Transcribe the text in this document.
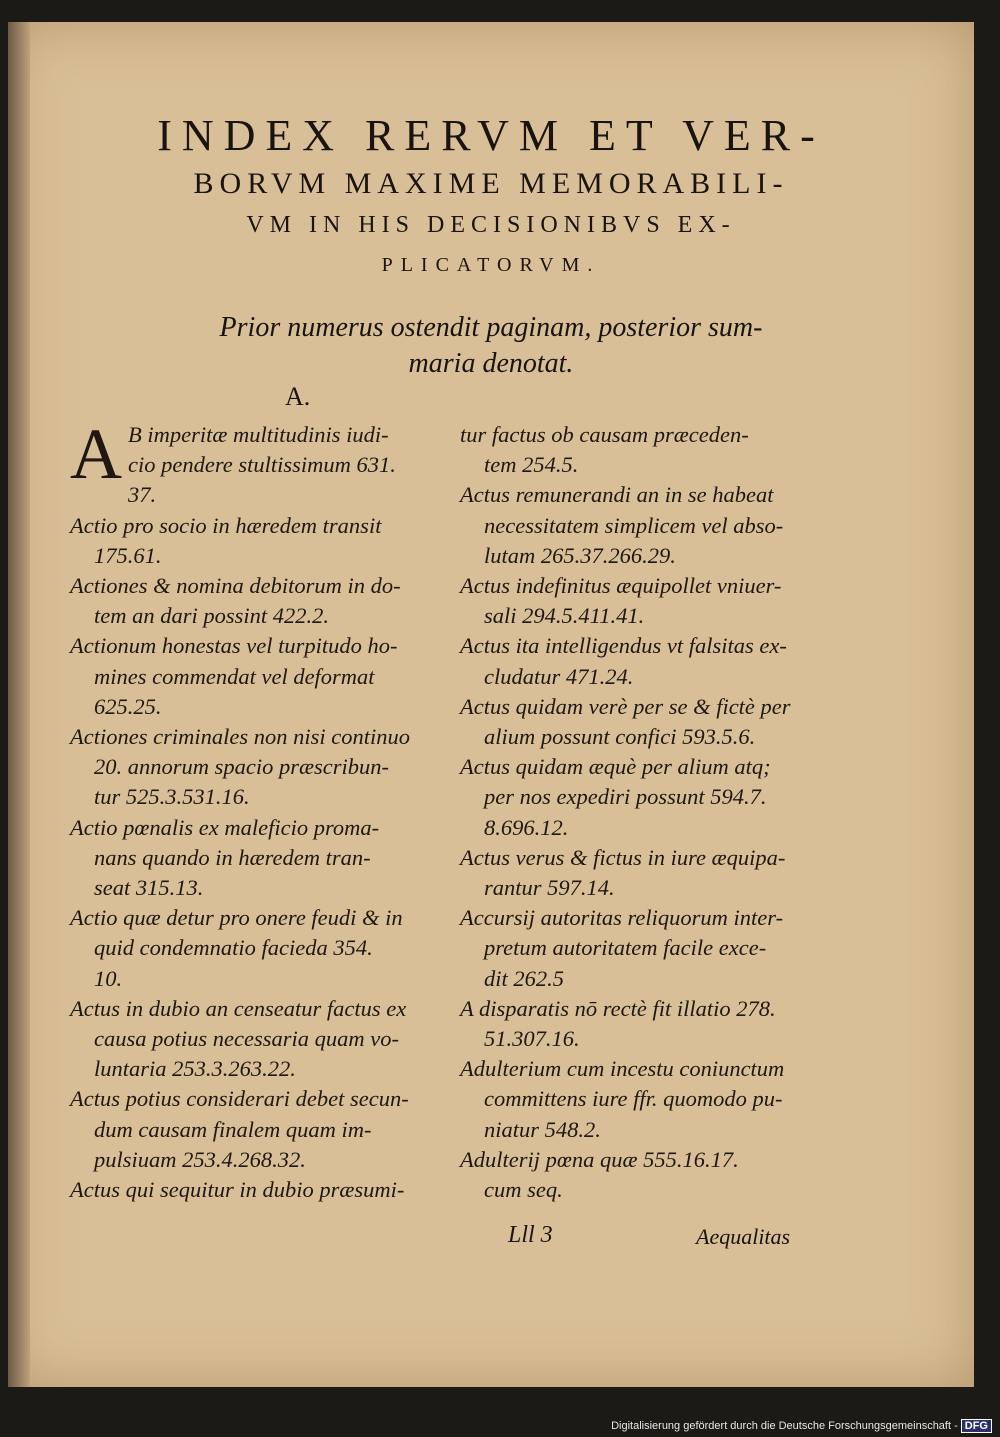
INDEX RERVM ET VER-
BORVM MAXIME MEMORABILI-
VM IN HIS DECISIONIBVS EX-
PLICATORVM.
Prior numerus ostendit paginam, posterior sum-
maria denotat.
A.
A B imperitæ multitudinis iudi-
cio pendere stultissimum 631.
37.
Actio pro socio in hæredem transit
175.61.
Actiones & nomina debitorum in do-
tem an dari possint 422.2.
Actionum honestas vel turpitudo ho-
mines commendat vel deformat
625.25.
Actiones criminales non nisi continuo
20. annorum spacio præscribun-
tur 525.3.531.16.
Actio pœnalis ex maleficio proma-
nans quando in hæredem tran-
seat 315.13.
Actio quæ detur pro onere feudi & in
quid condemnatio facieda 354.
10.
Actus in dubio an censeatur factus ex
causa potius necessaria quam vo-
luntaria 253.3.263.22.
Actus potius considerari debet secun-
dum causam finalem quam im-
pulsiuam 253.4.268.32.
Actus qui sequitur in dubio præsumi-
tur factus ob causam præceden-
tem 254.5.
Actus remunerandi an in se habeat
necessitatem simplicem vel abso-
lutam 265.37.266.29.
Actus indefinitus æquipollet vniuer-
sali 294.5.411.41.
Actus ita intelligendus vt falsitas ex-
cludatur 471.24.
Actus quidam verè per se & fictè per
alium possunt confici 593.5.6.
Actus quidam æquè per alium atq;
per nos expediri possunt 594.7.
8.696.12.
Actus verus & fictus in iure æquipa-
rantur 597.14.
Accursij autoritas reliquorum inter-
pretum autoritatem facile exce-
dit 262.5
A disparatis nō rectè fit illatio 278.
51.307.16.
Adulterium cum incestu coniunctum
committens iure ffr. quomodo pu-
niatur 548.2.
Adulterij pœna quæ 555.16.17.
cum seq.
Lll 3	Aequalitas
Digitalisierung gefördert durch die Deutsche Forschungsgemeinschaft - DFG
